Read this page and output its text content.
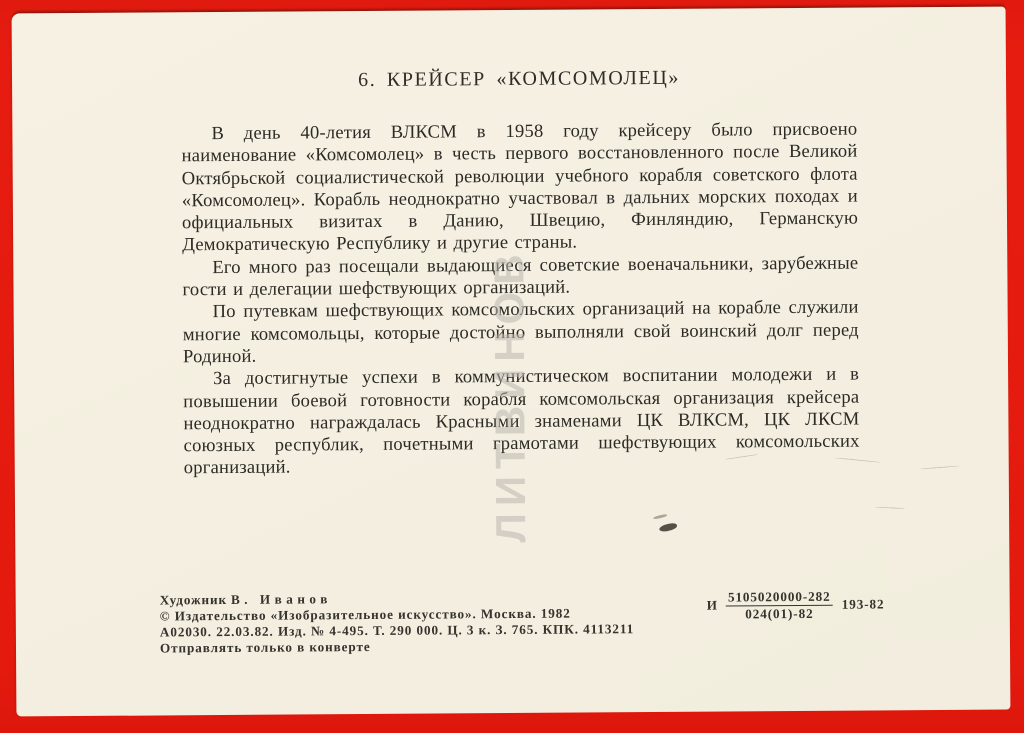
6. КРЕЙСЕР «КОМСОМОЛЕЦ»

В день 40-летия ВЛКСМ в 1958 году крейсеру было присвоено наименование «Комсомолец» в честь первого восстановленного после Великой Октябрьской социалистической революции учебного корабля советского флота «Комсомолец». Корабль неоднократно участвовал в дальних морских походах и официальных визитах в Данию, Швецию, Финляндию, Германскую Демократическую Республику и другие страны.

Его много раз посещали выдающиеся советские военачальники, зарубежные гости и делегации шефствующих организаций.

По путевкам шефствующих комсомольских организаций на корабле служили многие комсомольцы, которые достойно выполняли свой воинский долг перед Родиной.

За достигнутые успехи в коммунистическом воспитании молодежи и в повышении боевой готовности корабля комсомольская организация крейсера неоднократно награждалась Красными знаменами ЦК ВЛКСМ, ЦК ЛКСМ союзных республик, почетными грамотами шефствующих комсомольских организаций.	ЛИТВИНОВ
Художник В. Иванов
© Издательство «Изобразительное искусство». Москва. 1982
А02030. 22.03.82. Изд. № 4-495. Т. 290 000. Ц. 3 к. З. 765. КПК. 4113211
Отправлять только в конверте
И $\frac{5105020000-282}{024(01)-82} 193-82$
